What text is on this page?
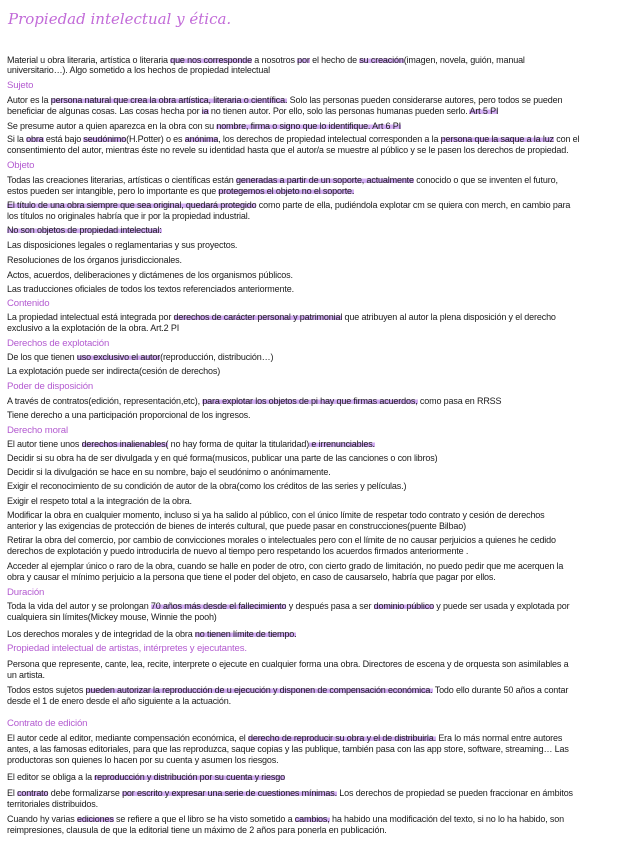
Propiedad intelectual y ética.
Material u obra literaria, artística o literaria que nos corresponde a nosotros por el hecho de su creación(imagen, novela, guión, manual
universitario…). Algo sometido a los hechos de propiedad intelectual
Sujeto
Autor es la persona natural que crea la obra artística, literaria o científica. Solo las personas pueden considerarse autores, pero todos se pueden
beneficiar de algunas cosas. Las cosas hecha por ia no tienen autor. Por ello, solo las personas humanas pueden serlo. Art 5 PI
Se presume autor a quien aparezca en la obra con su nombre, firma o signo que lo identifique. Art 6 PI
Si la obra está bajo seudónimo(H.Potter) o es anónima, los derechos de propiedad intelectual corresponden a la persona que la saque a la luz con el
consentimiento del autor, mientras éste no revele su identidad hasta que el autor/a se muestre al público y se le pasen los derechos de propiedad.
Objeto
Todas las creaciones literarias, artísticas o científicas están generadas a partir de un soporte, actualmente conocido o que se inventen el futuro,
estos pueden ser intangible, pero lo importante es que protegemos el objeto no el soporte.
El título de una obra siempre que sea original, quedará protegido como parte de ella, pudiéndola explotar cm se quiera con merch, en cambio para
los títulos no originales habría que ir por la propiedad industrial.
No son objetos de propiedad intelectual:
Las disposiciones legales o reglamentarias y sus proyectos.
Resoluciones de los órganos jurisdiccionales.
Actos, acuerdos, deliberaciones y dictámenes de los organismos públicos.
Las traducciones oficiales de todos los textos referenciados anteriormente.
Contenido
La propiedad intelectual está integrada por derechos de carácter personal y patrimonial que atribuyen al autor la plena disposición y el derecho
exclusivo a la explotación de la obra. Art.2 PI
Derechos de explotación
De los que tienen uso exclusivo el autor(reproducción, distribución…)
La explotación puede ser indirecta(cesión de derechos)
Poder de disposición
A través de contratos(edición, representación,etc), para explotar los objetos de pi hay que firmas acuerdos, como pasa en RRSS
Tiene derecho a una participación proporcional de los ingresos.
Derecho moral
El autor tiene unos derechos inalienables( no hay forma de quitar la titularidad) e irrenunciables.
Decidir si su obra ha de ser divulgada y en qué forma(musicos, publicar una parte de las canciones o con libros)
Decidir si la divulgación se hace en su nombre, bajo el seudónimo o anónimamente.
Exigir el reconocimiento de su condición de autor de la obra(como los créditos de las series y películas.)
Exigir el respeto total a la integración de la obra.
Modificar la obra en cualquier momento, incluso si ya ha salido al público, con el único límite de respetar todo contrato y cesión de derechos
anterior y las exigencias de protección de bienes de interés cultural, que puede pasar en construcciones(puente Bilbao)
Retirar la obra del comercio, por cambio de convicciones morales o intelectuales pero con el límite de no causar perjuicios a quienes he cedido
derechos de explotación y puedo introducirla de nuevo al tiempo pero respetando los acuerdos firmados anteriormente .
Acceder al ejemplar único o raro de la obra, cuando se halle en poder de otro, con cierto grado de limitación, no puedo pedir que me acerquen la
obra y causar el mínimo perjuicio a la persona que tiene el poder del objeto, en caso de causarselo, habría que pagar por ellos.
Duración
Toda la vida del autor y se prolongan 70 años más desde el fallecimiento y después pasa a ser dominio público y puede ser usada y explotada por
cualquiera sin límites(Mickey mouse, Winnie the pooh)
Los derechos morales y de integridad de la obra no tienen límite de tiempo.
Propiedad intelectual de artistas, intérpretes y ejecutantes.
Persona que represente, cante, lea, recite, interprete o ejecute en cualquier forma una obra. Directores de escena y de orquesta son asimilables a
un artista.
Todos estos sujetos pueden autorizar la reproducción de u ejecución y disponen de compensación económica. Todo ello durante 50 años a contar
desde el 1 de enero desde el año siguiente a la actuación.
Contrato de edición
El autor cede al editor, mediante compensación económica, el derecho de reproducir su obra y el de distribuirla. Era lo más normal entre autores
antes, a las famosas editoriales, para que las reproduzca, saque copias y las publique, también pasa con las app store, software, streaming… Las
productoras son quienes lo hacen por su cuenta y asumen los riesgos.
El editor se obliga a la reproducción y distribución por su cuenta y riesgo
El contrato debe formalizarse por escrito y expresar una serie de cuestiones mínimas. Los derechos de propiedad se pueden fraccionar en ámbitos
territoriales distribuidos.
Cuando hy varias ediciones se refiere a que el libro se ha visto sometido a cambios, ha habido una modificación del texto, si no lo ha habido, son
reimpresiones, clausula de que la editorial tiene un máximo de 2 años para ponerla en publicación.
